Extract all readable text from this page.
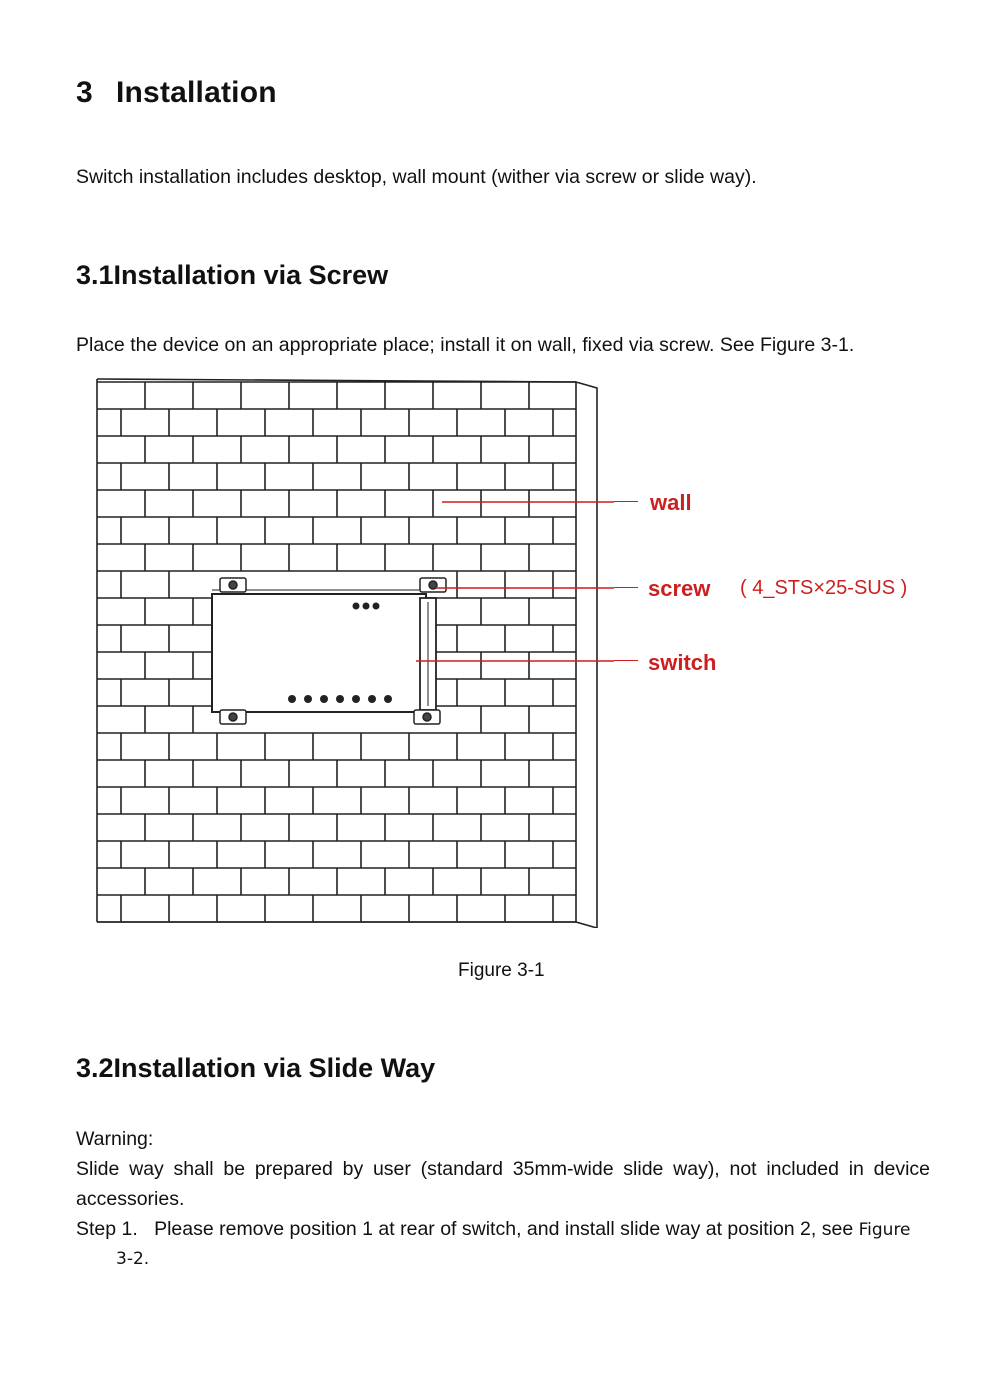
3 Installation

Switch installation includes desktop, wall mount (wither via screw or slide way).

3.1Installation via Screw

Place the device on an appropriate place; install it on wall, fixed via screw. See Figure 3-1.

wall
screw ( 4_STS×25-SUS )
switch
Figure 3-1
3.2Installation via Slide Way

Warning:

Slide way shall be prepared by user (standard 35mm-wide slide way), not included in device

accessories.

Step 1. Please remove position 1 at rear of switch, and install slide way at position 2, see Figure

3-2.
